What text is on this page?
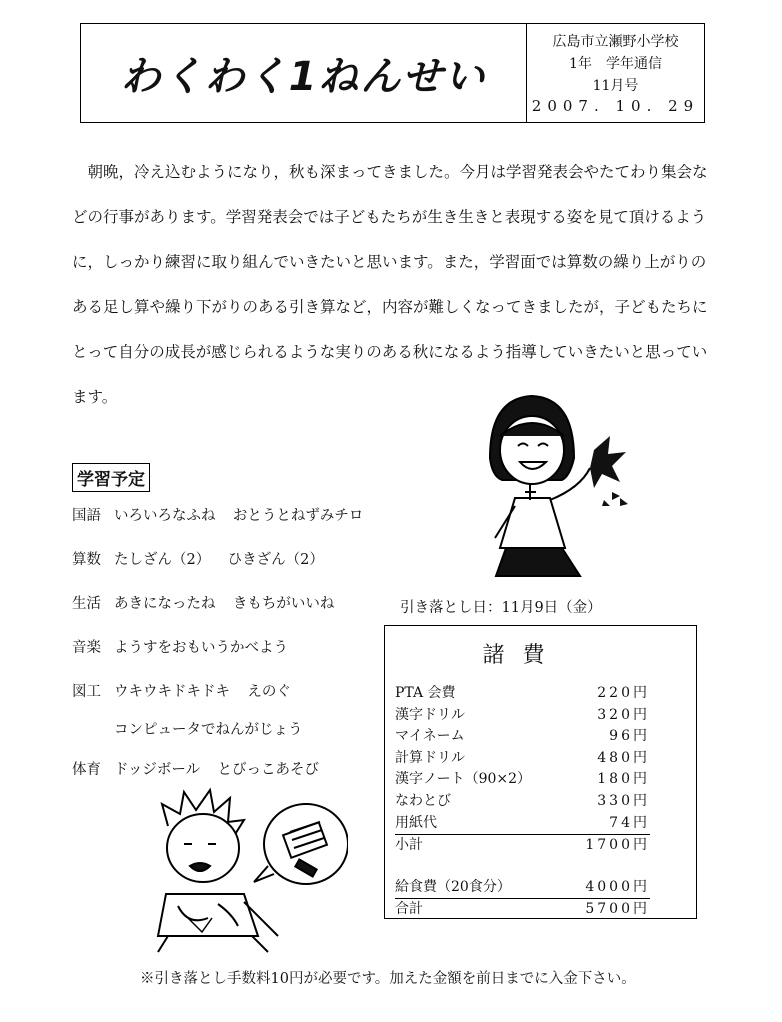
わくわく1ねんせい
広島市立瀬野小学校
1年　学年通信
11月号
2007. 10. 29

朝晩，冷え込むようになり，秋も深まってきました。今月は学習発表会やたてわり集会などの行事があります。学習発表会では子どもたちが生き生きと表現する姿を見て頂けるように，しっかり練習に取り組んでいきたいと思います。また，学習面では算数の繰り上がりのある足し算や繰り下がりのある引き算など，内容が難しくなってきましたが，子どもたちにとって自分の成長が感じられるような実りのある秋になるよう指導していきたいと思っています。

学習予定
国語 いろいろなふね おとうとねずみチロ
算数 たしざん（2） ひきざん（2）
生活 あきになったね きもちがいいね
音楽 ようすをおもいうかべよう
図工 ウキウキドキドキ えのぐ
コンピュータでねんがじょう
体育 ドッジボール とびっこあそび

引き落とし日：11月9日（金）

諸費
PTA 会費	220円
漢字ドリル	320円
マイネーム	96円
計算ドリル	480円
漢字ノート（90×2）	180円
なわとび	330円
用紙代	74円
小計	1700円
給食費（20食分）	4000円
合計	5700円

※引き落とし手数料10円が必要です。加えた金額を前日までに入金下さい。
